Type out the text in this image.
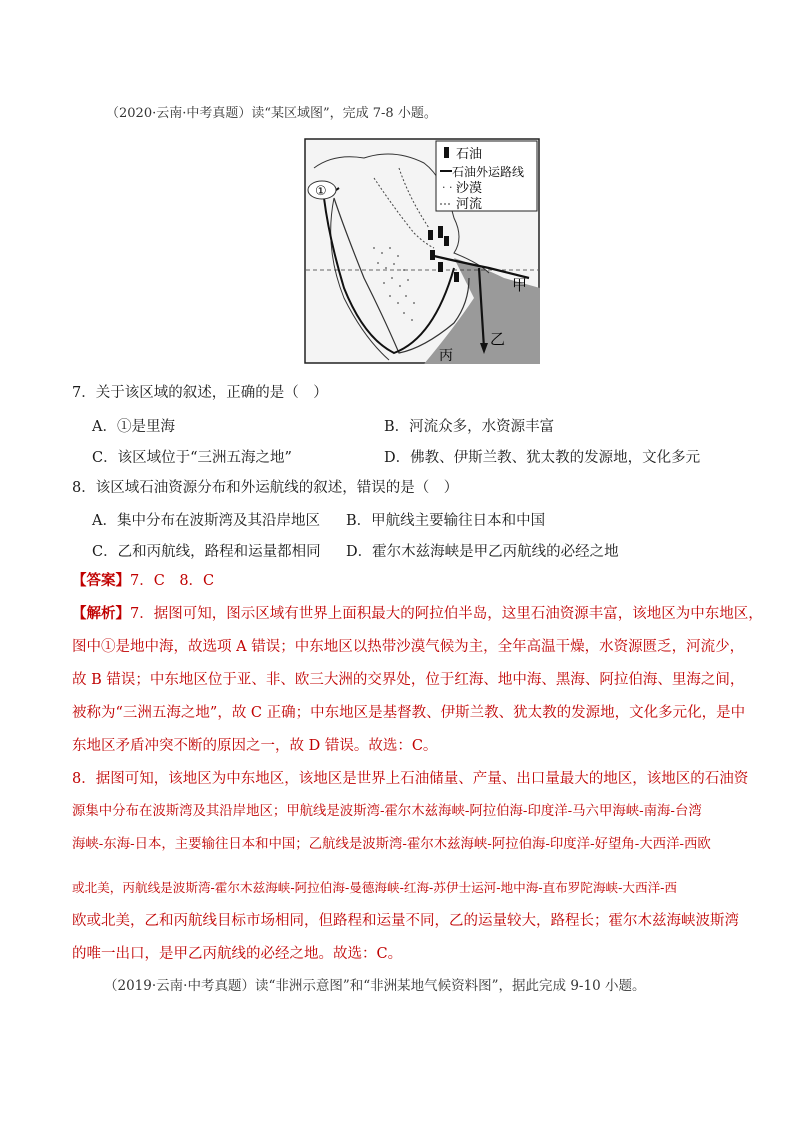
（2020·云南·中考真题）读“某区域图”，完成 7-8 小题。
①
甲
乙
丙
石油
石油外运路线
· · ·
沙漠
河流
7．关于该区域的叙述，正确的是（　）
A．①是里海	B．河流众多，水资源丰富
C．该区域位于“三洲五海之地”	D．佛教、伊斯兰教、犹太教的发源地，文化多元
8．该区域石油资源分布和外运航线的叙述，错误的是（　）
A．集中分布在波斯湾及其沿岸地区 B．甲航线主要输往日本和中国
C．乙和丙航线，路程和运量都相同 D．霍尔木兹海峡是甲乙丙航线的必经之地
【答案】7．C　8．C
【解析】7．据图可知，图示区域有世界上面积最大的阿拉伯半岛，这里石油资源丰富，该地区为中东地区，
图中①是地中海，故选项 A 错误；中东地区以热带沙漠气候为主，全年高温干燥，水资源匮乏，河流少，
故 B 错误；中东地区位于亚、非、欧三大洲的交界处，位于红海、地中海、黑海、阿拉伯海、里海之间，
被称为“三洲五海之地”，故 C 正确；中东地区是基督教、伊斯兰教、犹太教的发源地，文化多元化，是中
东地区矛盾冲突不断的原因之一，故 D 错误。故选：C。
8．据图可知，该地区为中东地区，该地区是世界上石油储量、产量、出口量最大的地区，该地区的石油资
源集中分布在波斯湾及其沿岸地区；甲航线是波斯湾-霍尔木兹海峡-阿拉伯海-印度洋-马六甲海峡-南海-台湾
海峡-东海-日本，主要输往日本和中国；乙航线是波斯湾-霍尔木兹海峡-阿拉伯海-印度洋-好望角-大西洋-西欧
或北美，丙航线是波斯湾-霍尔木兹海峡-阿拉伯海-曼德海峡-红海-苏伊士运河-地中海-直布罗陀海峡-大西洋-西
欧或北美，乙和丙航线目标市场相同，但路程和运量不同，乙的运量较大，路程长；霍尔木兹海峡波斯湾
的唯一出口，是甲乙丙航线的必经之地。故选：C。
（2019·云南·中考真题）读“非洲示意图”和“非洲某地气候资料图”，据此完成 9-10 小题。
